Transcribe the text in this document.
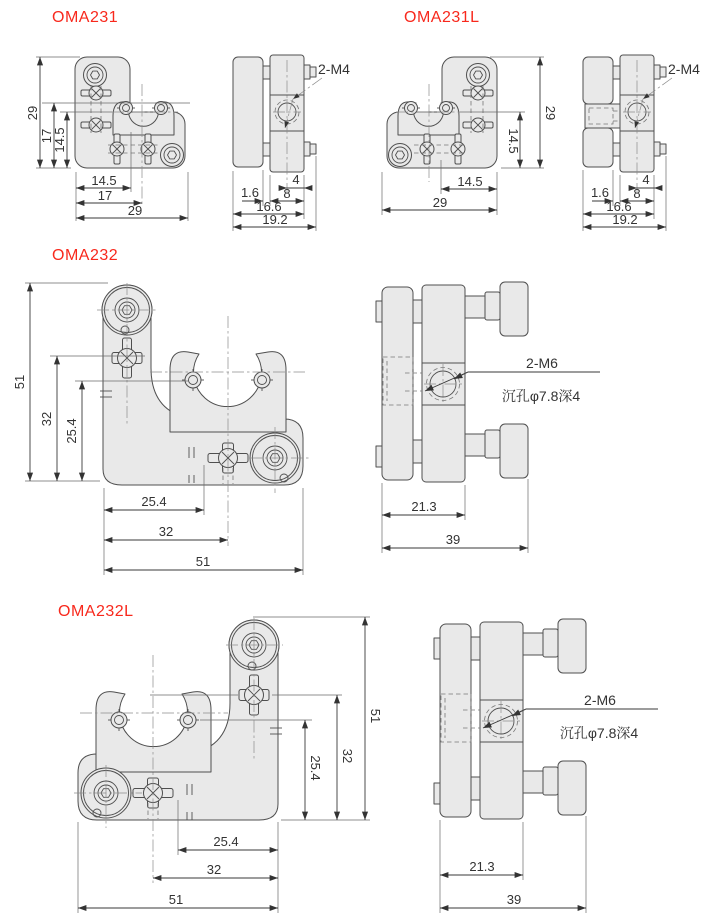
OMA231
29
17
14.5
14.5
17
29
2-M4
4
8
1.6
16.6
19.2
OMA231L
29
14.5
14.5
29
2-M4
4
8
1.6
16.6
19.2
OMA232
51
32 25.4
25.4
32
51
2-M6
沉孔φ7.8深4
21.3
39
OMA232L
51
32
25.4
25.4
32
51
2-M6
沉孔φ7.8深4
21.3
39
